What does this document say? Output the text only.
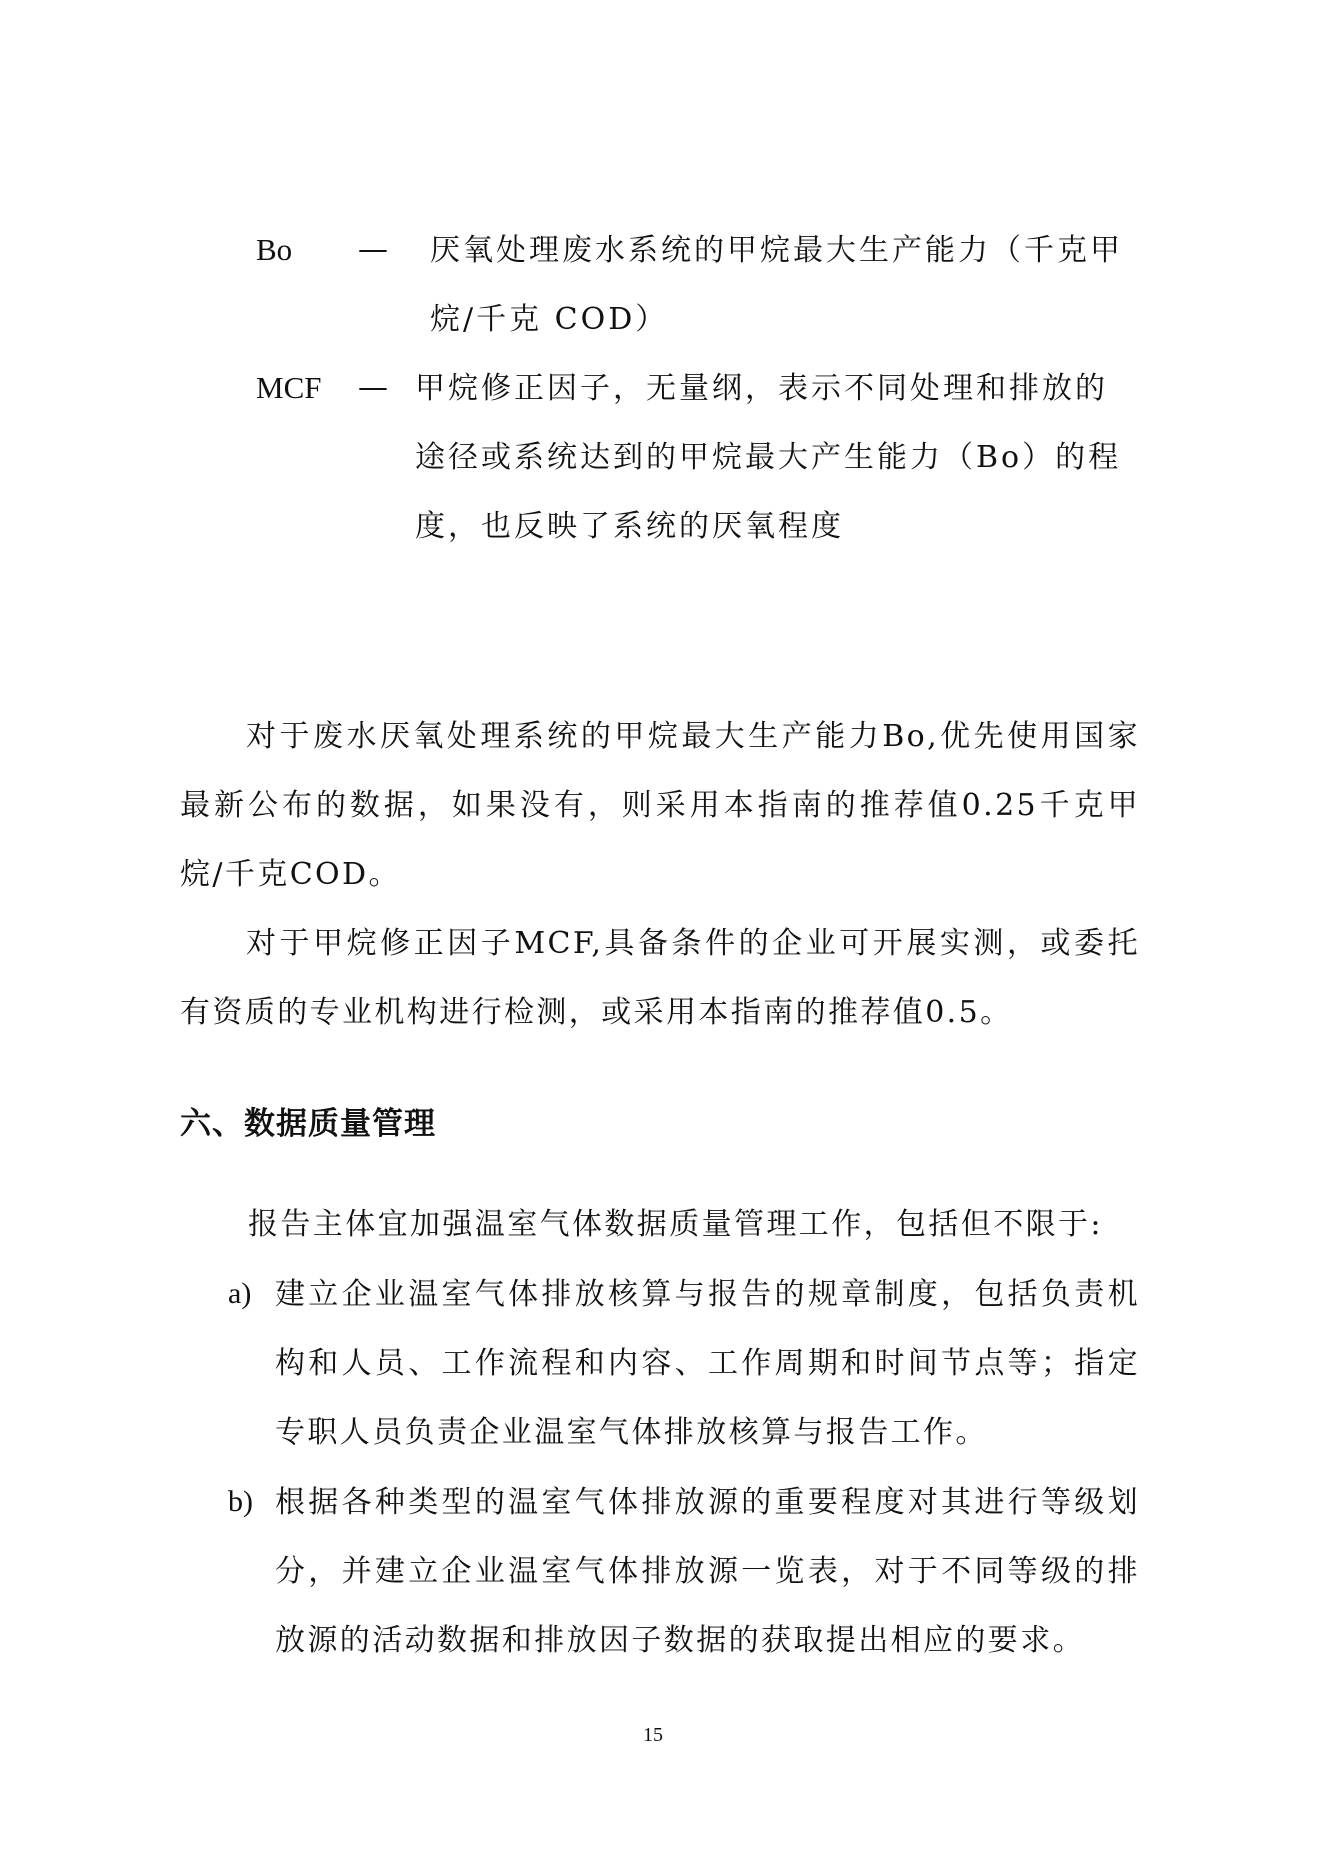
Bo — 厌氧处理废水系统的甲烷最大生产能力（千克甲
烷/千克 COD）
MCF — 甲烷修正因子，无量纲，表示不同处理和排放的
途径或系统达到的甲烷最大产生能力（Bo）的程
度，也反映了系统的厌氧程度

对于废水厌氧处理系统的甲烷最大生产能力Bo,优先使用国家最新公布的数据，如果没有，则采用本指南的推荐值0.25千克甲烷/千克COD。

对于甲烷修正因子MCF,具备条件的企业可开展实测，或委托有资质的专业机构进行检测，或采用本指南的推荐值0.5。

六、数据质量管理

报告主体宜加强温室气体数据质量管理工作，包括但不限于:

a) 建立企业温室气体排放核算与报告的规章制度，包括负责机构和人员、工作流程和内容、工作周期和时间节点等；指定专职人员负责企业温室气体排放核算与报告工作。

b) 根据各种类型的温室气体排放源的重要程度对其进行等级划分，并建立企业温室气体排放源一览表，对于不同等级的排放源的活动数据和排放因子数据的获取提出相应的要求。

15
